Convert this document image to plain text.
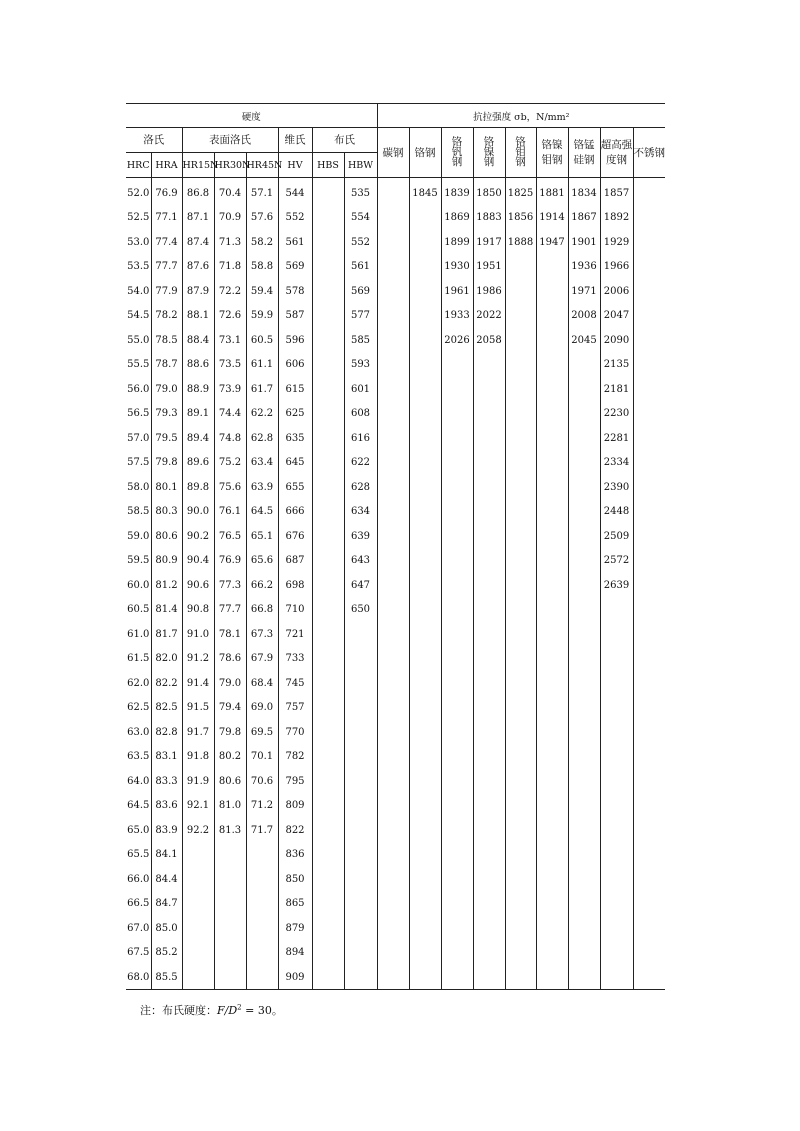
硬度								抗拉强度 σb，N/mm²								
洛氏		表面洛氏			维氏	布氏		碳钢	铬钢	铬钒钢	铬镍钢	铬钼钢	铬镍钼钢	铬锰硅钢	超高强度钢	不锈钢
HRC	HRA	HR15N	HR30N	HR45N	HV	HBS	HBW									
52.0	76.9	86.8	70.4	57.1	544		535		1845	1839	1850	1825	1881	1834	1857	
52.5	77.1	87.1	70.9	57.6	552		554			1869	1883	1856	1914	1867	1892	
53.0	77.4	87.4	71.3	58.2	561		552			1899	1917	1888	1947	1901	1929	
53.5	77.7	87.6	71.8	58.8	569		561			1930	1951			1936	1966	
54.0	77.9	87.9	72.2	59.4	578		569			1961	1986			1971	2006	
54.5	78.2	88.1	72.6	59.9	587		577			1933	2022			2008	2047	
55.0	78.5	88.4	73.1	60.5	596		585			2026	2058			2045	2090	
55.5	78.7	88.6	73.5	61.1	606		593								2135	
56.0	79.0	88.9	73.9	61.7	615		601								2181	
56.5	79.3	89.1	74.4	62.2	625		608								2230	
57.0	79.5	89.4	74.8	62.8	635		616								2281	
57.5	79.8	89.6	75.2	63.4	645		622								2334	
58.0	80.1	89.8	75.6	63.9	655		628								2390	
58.5	80.3	90.0	76.1	64.5	666		634								2448	
59.0	80.6	90.2	76.5	65.1	676		639								2509	
59.5	80.9	90.4	76.9	65.6	687		643								2572	
60.0	81.2	90.6	77.3	66.2	698		647								2639	
60.5	81.4	90.8	77.7	66.8	710		650									
61.0	81.7	91.0	78.1	67.3	721											
61.5	82.0	91.2	78.6	67.9	733											
62.0	82.2	91.4	79.0	68.4	745											
62.5	82.5	91.5	79.4	69.0	757											
63.0	82.8	91.7	79.8	69.5	770											
63.5	83.1	91.8	80.2	70.1	782											
64.0	83.3	91.9	80.6	70.6	795											
64.5	83.6	92.1	81.0	71.2	809											
65.0	83.9	92.2	81.3	71.7	822											
65.5	84.1				836											
66.0	84.4				850											
66.5	84.7				865											
67.0	85.0				879											
67.5	85.2				894											
68.0	85.5				909											
注：布氏硬度：$F/D^2 = 30$。
